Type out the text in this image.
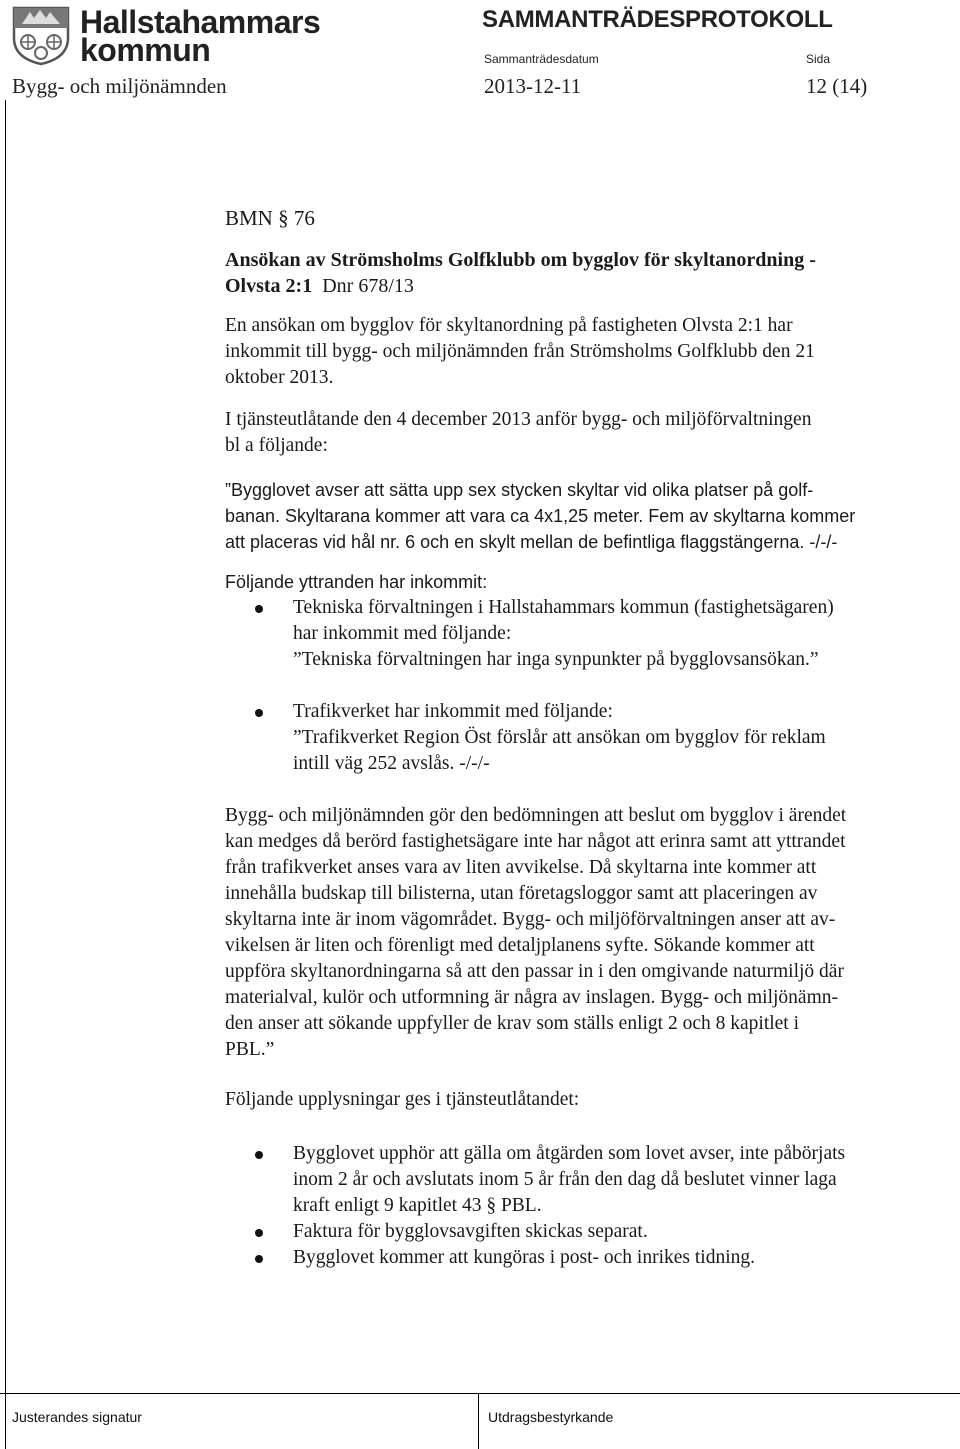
Hallstahammars
kommun
SAMMANTRÄDESPROTOKOLL
Sammanträdesdatum	Sida
Bygg- och miljönämnden	2013-12-11	12 (14)

BMN § 76

Ansökan av Strömsholms Golfklubb om bygglov för skyltanordning -

Olvsta 2:1 Dnr 678/13

En ansökan om bygglov för skyltanordning på fastigheten Olvsta 2:1 har
inkommit till bygg- och miljönämnden från Strömsholms Golfklubb den 21
oktober 2013.
I tjänsteutlåtande den 4 december 2013 anför bygg- och miljöförvaltningen
bl a följande:
”Bygglovet avser att sätta upp sex stycken skyltar vid olika platser på golf-
banan. Skyltarana kommer att vara ca 4x1,25 meter. Fem av skyltarna kommer
att placeras vid hål nr. 6 och en skylt mellan de befintliga flaggstängerna. -/-/-

Följande yttranden har inkommit:

Tekniska förvaltningen i Hallstahammars kommun (fastighetsägaren)
har inkommit med följande:
”Tekniska förvaltningen har inga synpunkter på bygglovsansökan.”
Trafikverket har inkommit med följande:
”Trafikverket Region Öst förslår att ansökan om bygglov för reklam
intill väg 252 avslås. -/-/-
Bygg- och miljönämnden gör den bedömningen att beslut om bygglov i ärendet
kan medges då berörd fastighetsägare inte har något att erinra samt att yttrandet
från trafikverket anses vara av liten avvikelse. Då skyltarna inte kommer att
innehålla budskap till bilisterna, utan företagsloggor samt att placeringen av
skyltarna inte är inom vägområdet. Bygg- och miljöförvaltningen anser att av-
vikelsen är liten och förenligt med detaljplanens syfte. Sökande kommer att
uppföra skyltanordningarna så att den passar in i den omgivande naturmiljö där
materialval, kulör och utformning är några av inslagen. Bygg- och miljönämn-
den anser att sökande uppfyller de krav som ställs enligt 2 och 8 kapitlet i
PBL.”

Följande upplysningar ges i tjänsteutlåtandet:

Bygglovet upphör att gälla om åtgärden som lovet avser, inte påbörjats
inom 2 år och avslutats inom 5 år från den dag då beslutet vinner laga
kraft enligt 9 kapitlet 43 § PBL.
Faktura för bygglovsavgiften skickas separat.
Bygglovet kommer att kungöras i post- och inrikes tidning.
Justerandes signatur	Utdragsbestyrkande
